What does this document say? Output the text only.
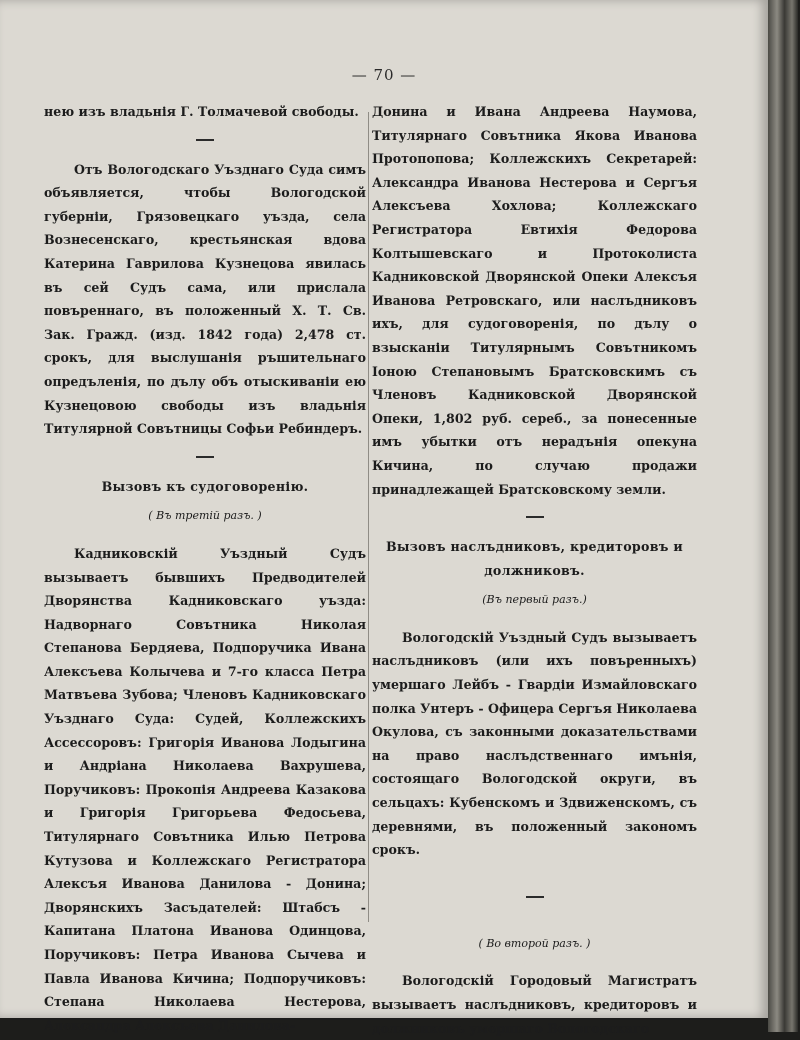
— 70 —

нею изъ владьнія Г. Толмачевой свободы.

Отъ Вологодскаго Уъзднаго Суда симъ объявляется, чтобы Вологодской губерніи, Грязовецкаго уъзда, села Вознесенскаго, крестьянская вдова Катерина Гаврилова Кузнецова явилась въ сей Судъ сама, или прислала повъреннаго, въ положенный Х. Т. Св. Зак. Гражд. (изд. 1842 года) 2,478 ст. срокъ, для выслушанія ръшительнаго опредъленія, по дълу объ отыскиваніи ею Кузнецовою свободы изъ владьнія Титулярной Совътницы Софьи Ребиндеръ.

Вызовъ къ судоговоренію.
( Въ третій разъ. )

Кадниковскій Уъздный Судъ вызываетъ бывшихъ Предводителей Дворянства Кадниковскаго уъзда: Надворнаго Совътника Николая Степанова Бердяева, Подпоручика Ивана Алексъева Колычева и 7-го класса Петра Матвъева Зубова; Членовъ Кадниковскаго Уъзднаго Суда: Судей, Коллежскихъ Ассессоровъ: Григорія Иванова Лодыгина и Андріана Николаева Вахрушева, Поручиковъ: Прокопія Андреева Казакова и Григорія Григорьева Федосьева, Титулярнаго Совътника Илью Петрова Кутузова и Коллежскаго Регистратора Алексъя Иванова Данилова - Донина; Дворянскихъ Засъдателей: Штабсъ - Капитана Платона Иванова Одинцова, Поручиковъ: Петра Иванова Сычева и Павла Иванова Кичина; Подпоручиковъ: Степана Николаева Нестерова, Александра Алексъева Данилова-

Донина и Ивана Андреева Наумова, Титулярнаго Совътника Якова Иванова Протопопова; Коллежскихъ Секретарей: Александра Иванова Нестерова и Сергъя Алексъева Хохлова; Коллежскаго Регистратора Евтихія Федорова Колтышевскаго и Протоколиста Кадниковской Дворянской Опеки Алексъя Иванова Ретровскаго, или наслъдниковъ ихъ, для судоговоренія, по дълу о взысканіи Титулярнымъ Совътникомъ Іоною Степановымъ Братсковскимъ съ Членовъ Кадниковской Дворянской Опеки, 1,802 руб. сереб., за понесенные имъ убытки отъ нерадънія опекуна Кичина, по случаю продажи принадлежащей Братсковскому земли.

Вызовъ наслъдниковъ, кредиторовъ и должниковъ.
(Въ первый разъ.)

Вологодскій Уъздный Судъ вызываетъ наслъдниковъ (или ихъ повъренныхъ) умершаго Лейбъ - Гвардіи Измайловскаго полка Унтеръ - Офицера Сергъя Николаева Окулова, съ законными доказательствами на право наслъдственнаго имънія, состоящаго Вологодской округи, въ сельцахъ: Кубенскомъ и Здвиженскомъ, съ деревнями, въ положенный закономъ срокъ.

( Во второй разъ. )

Вологодскій Городовый Магистратъ вызываетъ наслъдниковъ, кредиторовъ и должниковъ умершаго Вологодскаго
